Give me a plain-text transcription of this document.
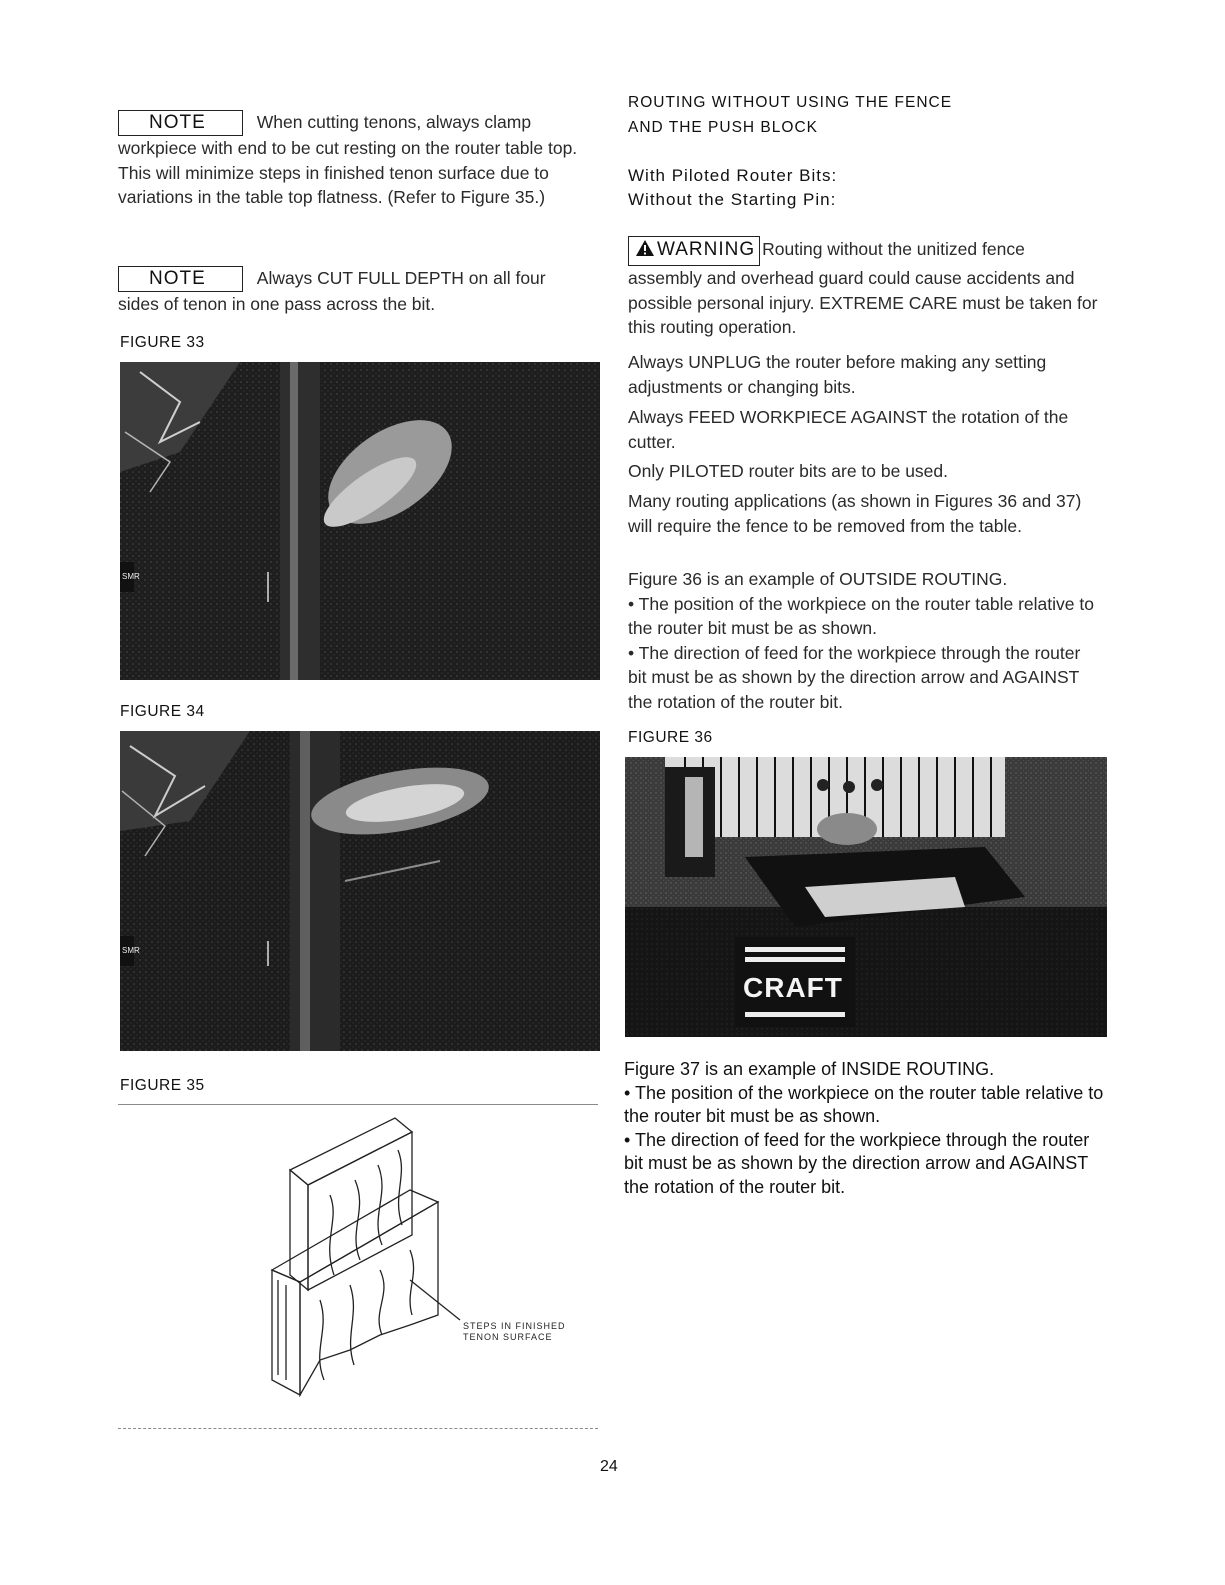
NOTE	When cutting tenons, always clamp workpiece with end to be cut resting on the router table top. This will minimize steps in finished tenon surface due to variations in the table top flatness. (Refer to Figure 35.)

NOTE	Always CUT FULL DEPTH on all four sides of tenon in one pass across the bit.

FIGURE 33
SMR
FIGURE 34
SMR
FIGURE 35
STEPS IN FINISHED
TENON SURFACE
ROUTING WITHOUT USING THE FENCE
AND THE PUSH BLOCK
With Piloted Router Bits:
Without the Starting Pin:

WARNING Routing without the unitized fence assembly and overhead guard could cause accidents and possible personal injury. EXTREME CARE must be taken for this routing operation.

Always UNPLUG the router before making any setting adjustments or changing bits.

Always FEED WORKPIECE AGAINST the rotation of the cutter.

Only PILOTED router bits are to be used.

Many routing applications (as shown in Figures 36 and 37) will require the fence to be removed from the table.

Figure 36 is an example of OUTSIDE ROUTING.

• The position of the workpiece on the router table relative to the router bit must be as shown.

• The direction of feed for the workpiece through the router bit must be as shown by the direction arrow and AGAINST the rotation of the router bit.

FIGURE 36
CRAFT

Figure 37 is an example of INSIDE ROUTING.

• The position of the workpiece on the router table relative to the router bit must be as shown.

• The direction of feed for the workpiece through the router bit must be as shown by the direction arrow and AGAINST the rotation of the router bit.

24
